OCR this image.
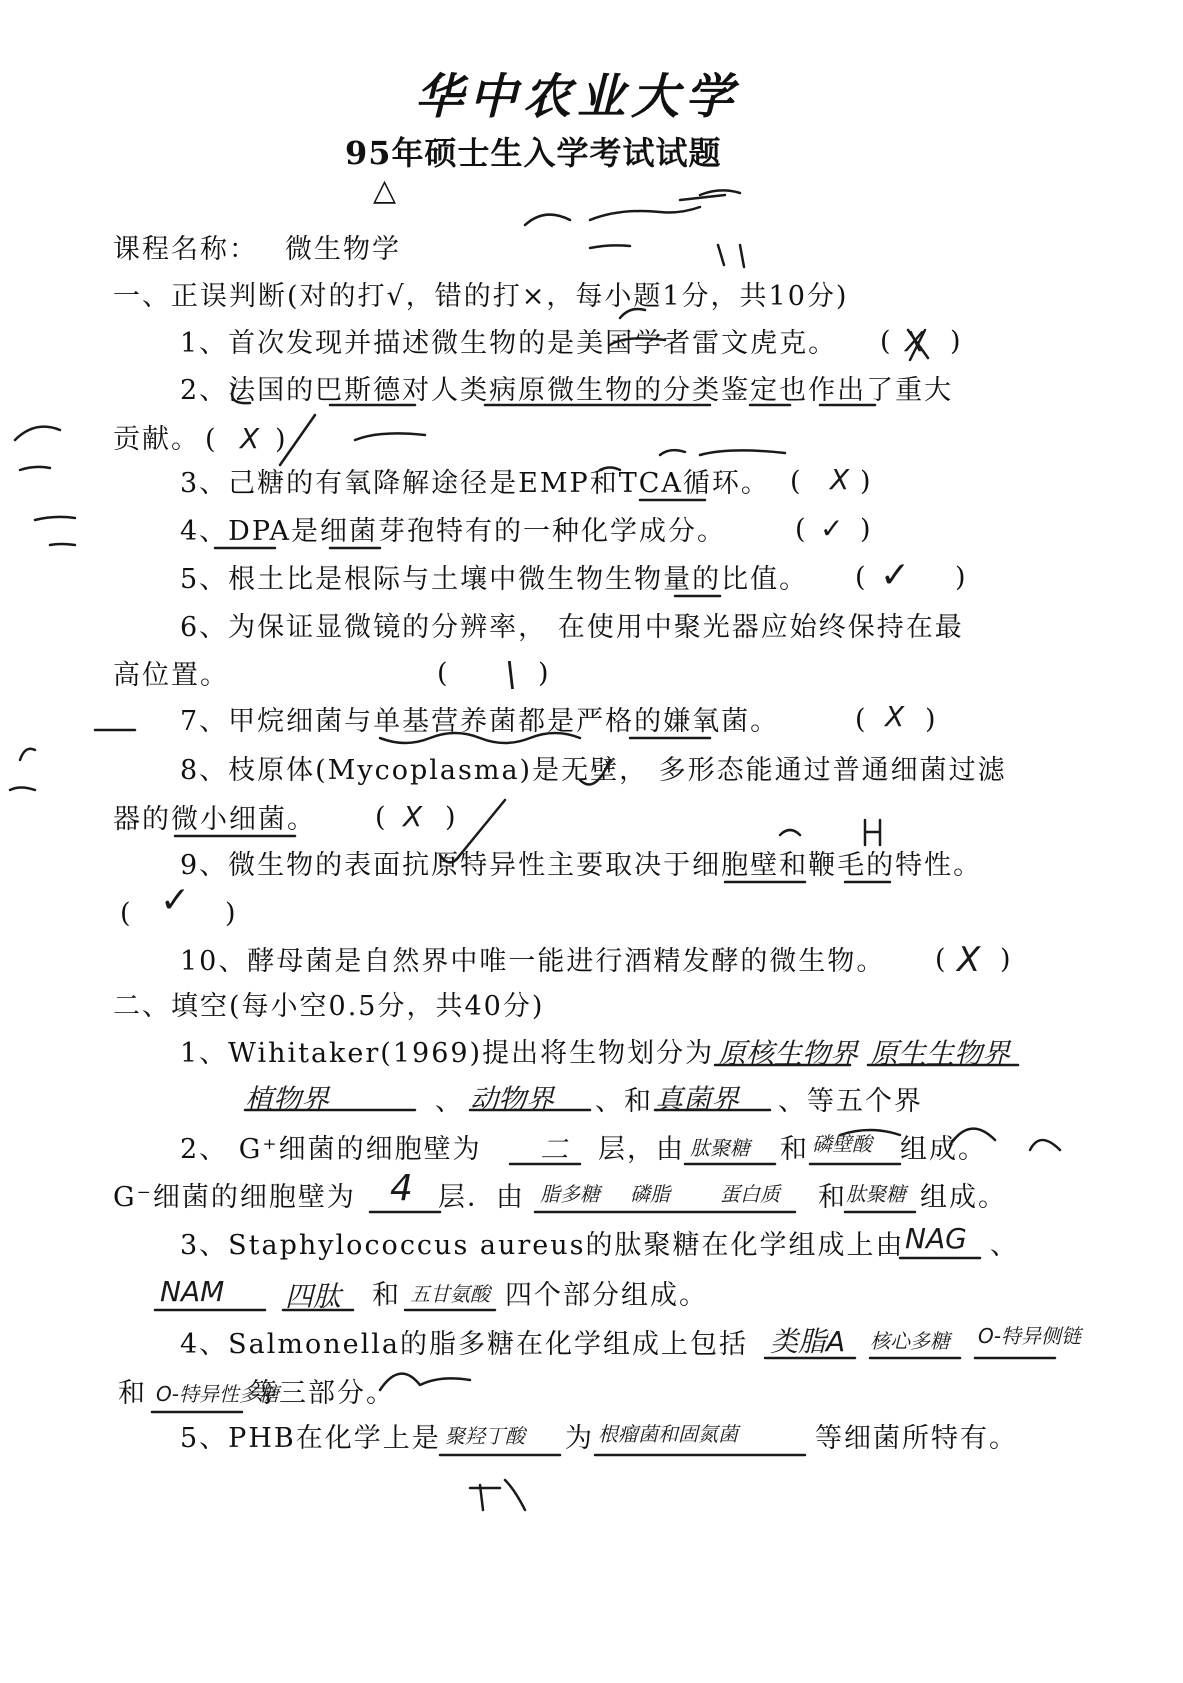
华中农业大学
95年硕士生入学考试试题
△
课程名称： 微生物学
一、正误判断(对的打√，错的打×，每小题1分，共10分)
1、首次发现并描述微生物的是美国学者雷文虎克。 ( X )
2、法国的巴斯德对人类病原微生物的分类鉴定也作出了重大
贡献。 ( X )
3、己糖的有氧降解途径是EMP和TCA循环。 ( X )
4、DPA是细菌芽孢特有的一种化学成分。	( ✓ )
5、根土比是根际与土壤中微生物生物量的比值。 ( ✓ )
6、为保证显微镜的分辨率， 在使用中聚光器应始终保持在最
高位置。	( \ )
7、甲烷细菌与单基营养菌都是严格的嫌氧菌。	( X )
8、枝原体(Mycoplasma)是无壁， 多形态能通过普通细菌过滤
器的微小细菌。 ( X )
9、微生物的表面抗原特异性主要取决于细胞壁和鞭毛的特性。
( ✓ )
10、酵母菌是自然界中唯一能进行酒精发酵的微生物。 ( X )
二、填空(每小空0.5分，共40分)
1、Wihitaker(1969)提出将生物划分为 原核生物界 原生生物界
植物界	、 动物界 、和 真菌界 、等五个界
2、 G⁺细菌的细胞壁为 二 层，由 肽聚糖 和 磷壁酸 组成。
G⁻细菌的细胞壁为 4 层．由 脂多糖 磷脂	蛋白质 和 肽聚糖 组成。
3、Staphylococcus aureus的肽聚糖在化学组成上由 NAG 、
NAM 四肽 和 五甘氨酸 四个部分组成。
4、Salmonella的脂多糖在化学组成上包括 类脂A 核心多糖 O-特异侧链
和 O-特异性多糖
等三部分。
5、PHB在化学上是 聚羟丁酸 为 根瘤菌和固氮菌	等细菌所特有。
